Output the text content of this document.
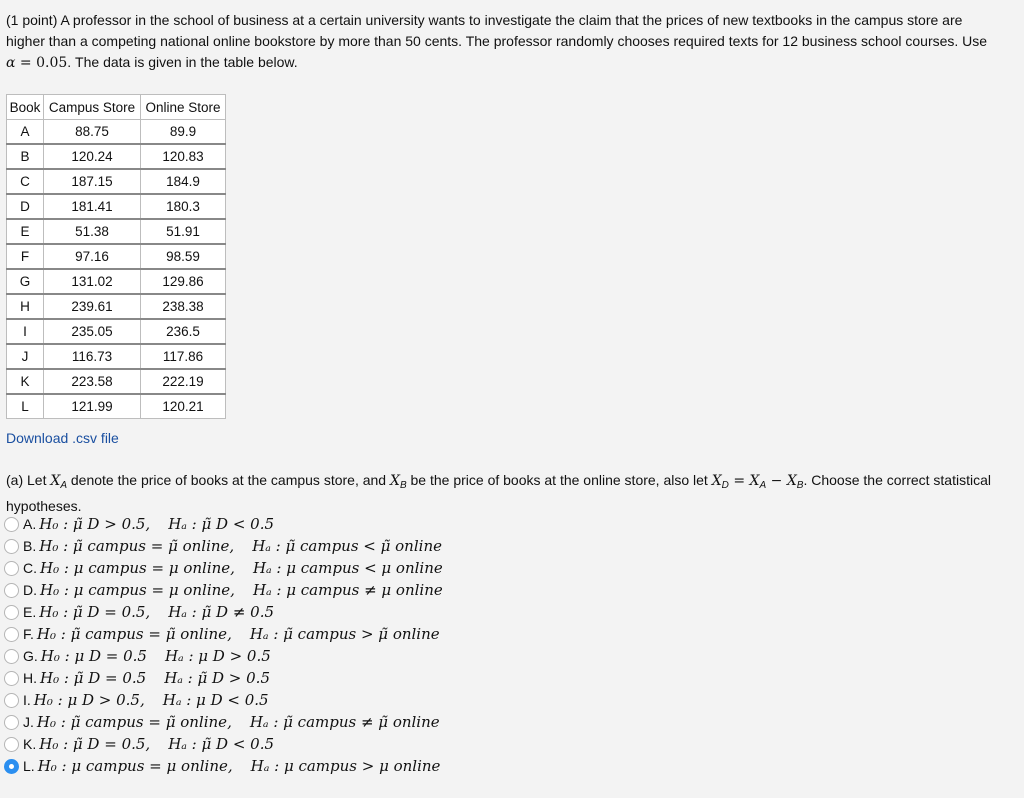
(1 point) A professor in the school of business at a certain university wants to investigate the claim that the prices of new textbooks in the campus store are higher than a competing national online bookstore by more than 50 cents. The professor randomly chooses required texts for 12 business school courses. Use α = 0.05. The data is given in the table below.

Book	Campus Store	Online Store
A	88.75	89.9
B	120.24	120.83
C	187.15	184.9
D	181.41	180.3
E	51.38	51.91
F	97.16	98.59
G	131.02	129.86
H	239.61	238.38
I	235.05	236.5
J	116.73	117.86
K	223.58	222.19
L	121.99	120.21
Download .csv file
(a) Let $X_A$ denote the price of books at the campus store, and $X_B$ be the price of books at the online store, also let $X_D = X_A - X_B$. Choose the correct statistical hypotheses.
A. H₀ : μ̃ D > 0.5, Hₐ : μ̃ D < 0.5
B. H₀ : μ̃ campus = μ̃ online, Hₐ : μ̃ campus < μ̃ online
C. H₀ : μ campus = μ online, Hₐ : μ campus < μ online
D. H₀ : μ campus = μ online, Hₐ : μ campus ≠ μ online
E. H₀ : μ̃ D = 0.5, Hₐ : μ̃ D ≠ 0.5
F. H₀ : μ̃ campus = μ̃ online, Hₐ : μ̃ campus > μ̃ online
G. H₀ : μ D = 0.5 Hₐ : μ D > 0.5
H. H₀ : μ̃ D = 0.5 Hₐ : μ̃ D > 0.5
I. H₀ : μ D > 0.5, Hₐ : μ D < 0.5
J. H₀ : μ̃ campus = μ̃ online, Hₐ : μ̃ campus ≠ μ̃ online
K. H₀ : μ̃ D = 0.5, Hₐ : μ̃ D < 0.5
L. H₀ : μ campus = μ online, Hₐ : μ campus > μ online
